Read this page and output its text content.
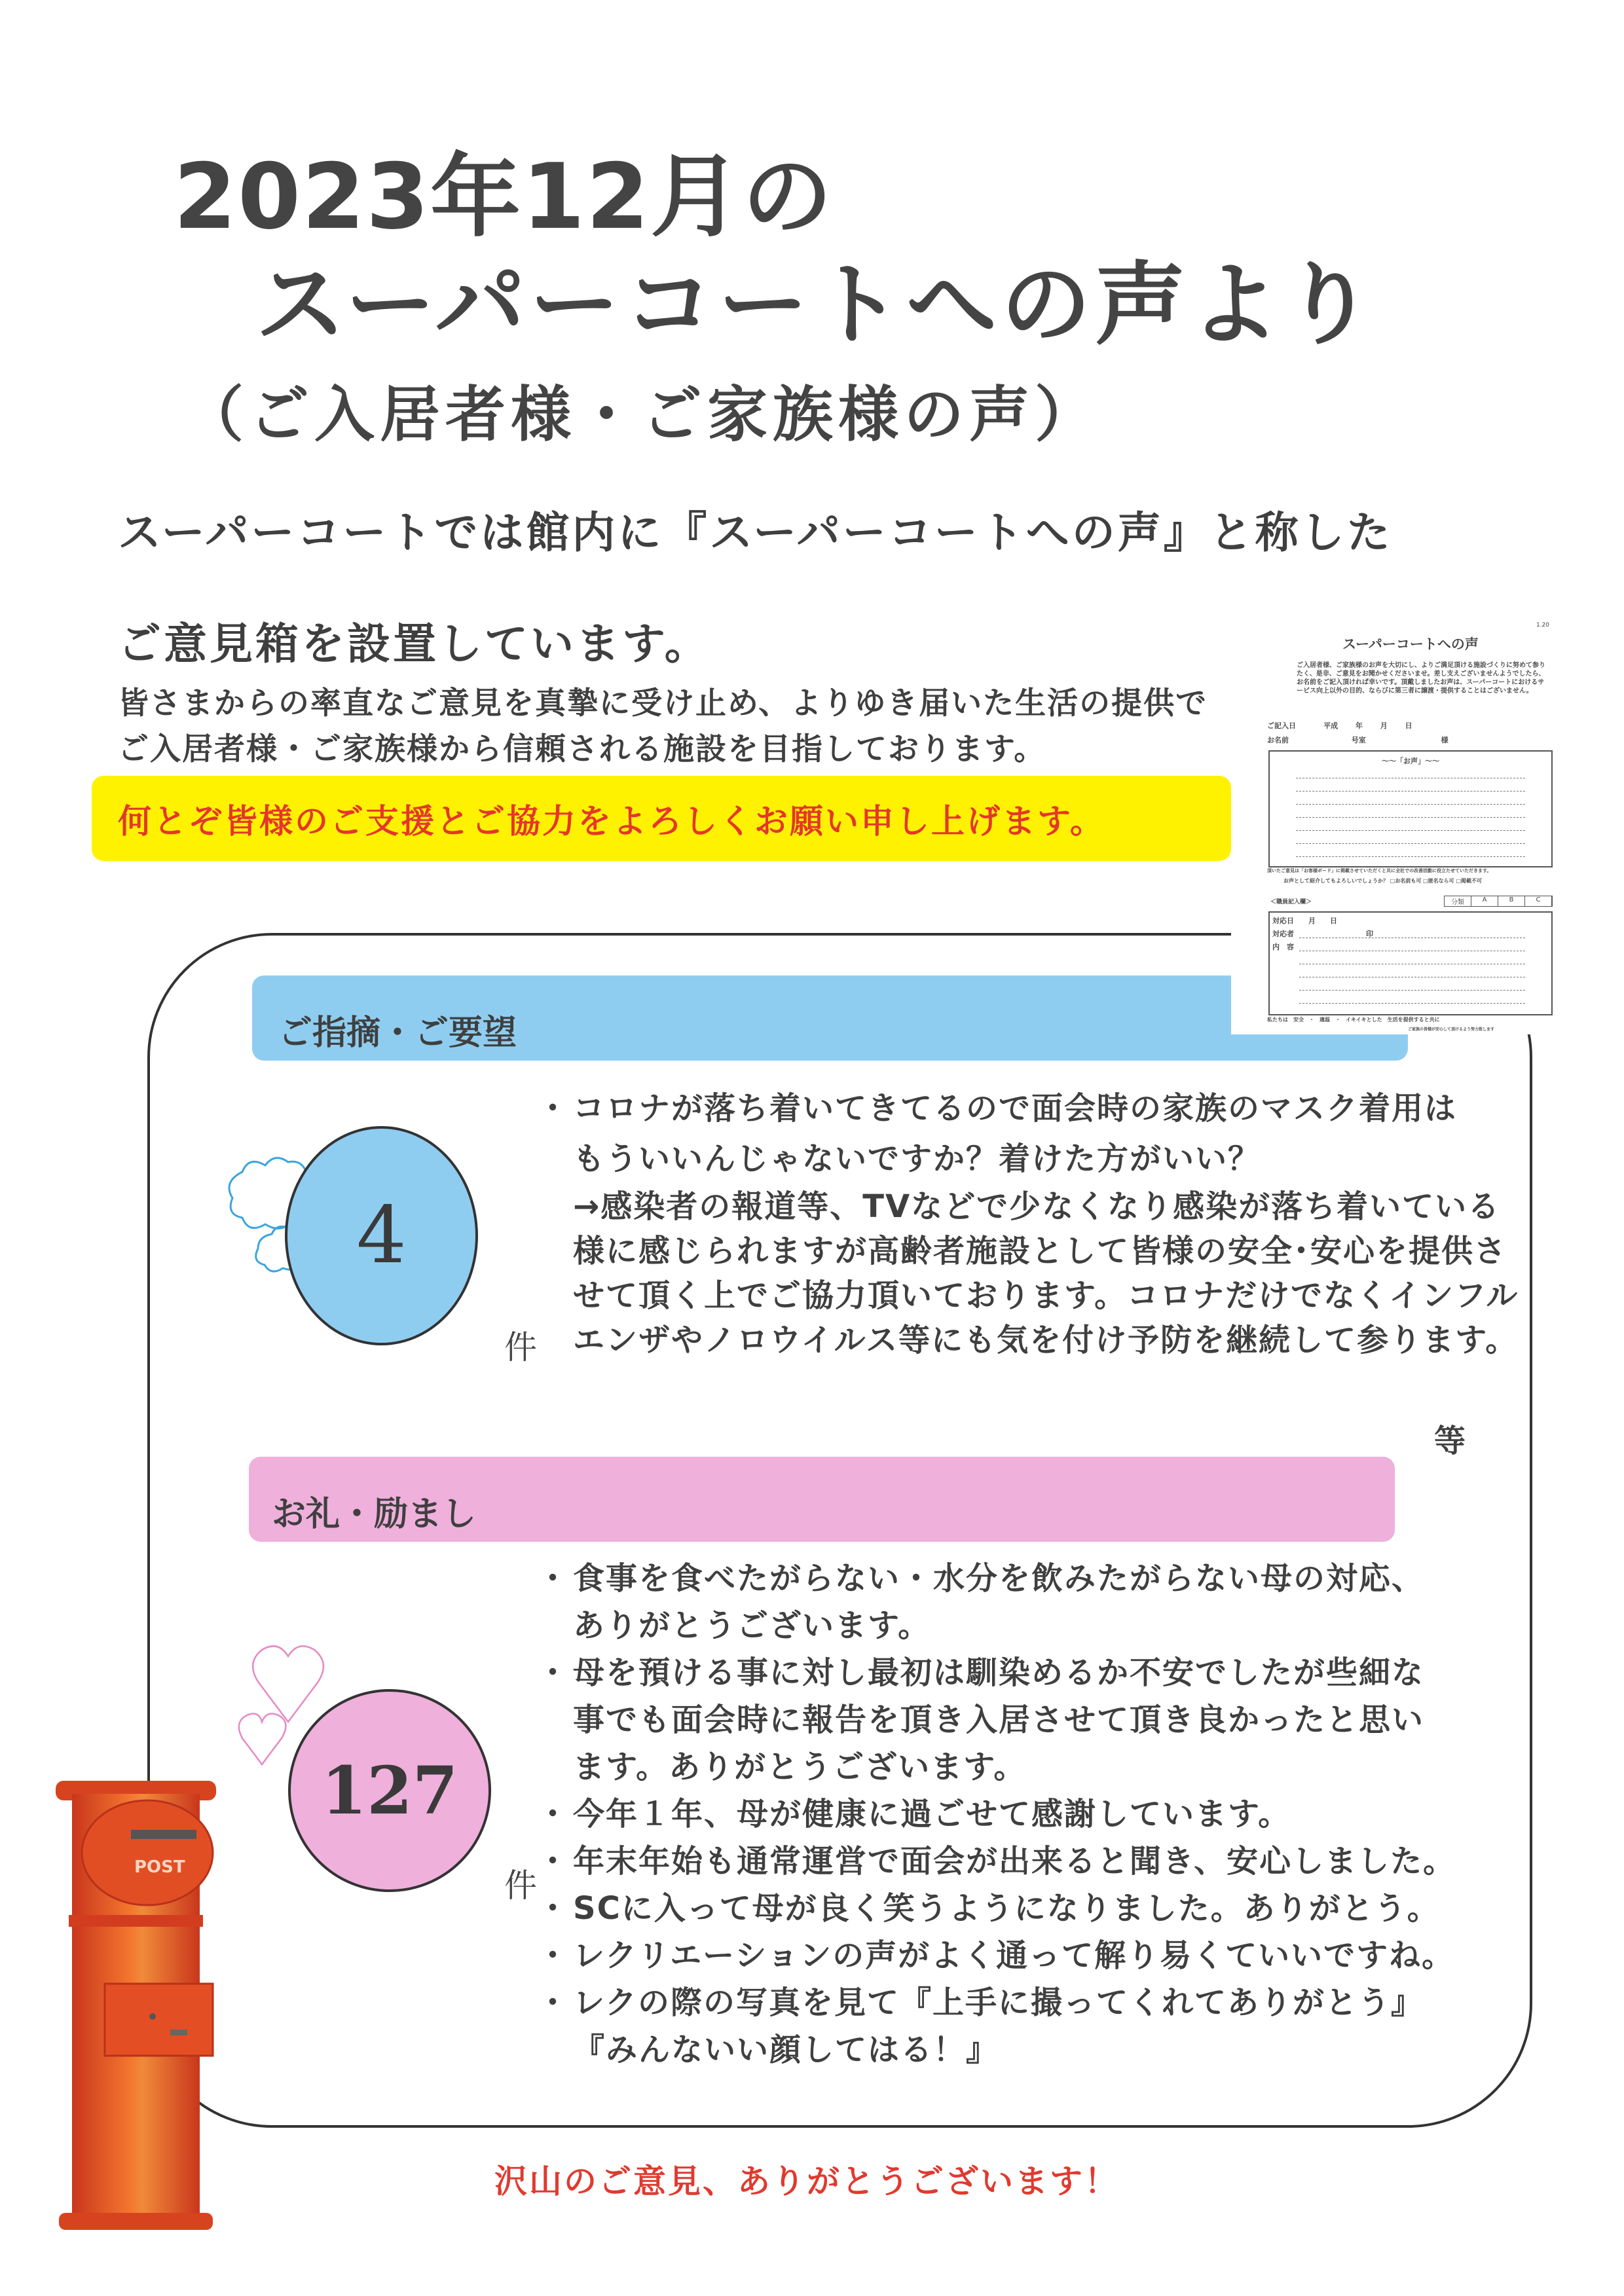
2023年12月の
スーパーコートへの声より
（ご入居者様・ご家族様の声）
スーパーコートでは館内に『スーパーコートへの声』と称した
ご意見箱を設置しています。
皆さまからの率直なご意見を真摯に受け止め、よりゆき届いた生活の提供で
ご入居者様・ご家族様から信頼される施設を目指しております。
何とぞ皆様のご支援とご協力をよろしくお願い申し上げます。
1.20
スーパーコートへの声
ご入居者様、ご家族様のお声を大切にし、よりご満足頂ける施設づくりに努めて参りたく、是非、ご意見をお聞かせくださいませ。差し支えございませんようでしたら、お名前をご記入頂ければ幸いです。頂戴しましたお声は、スーパーコートにおけるサービス向上以外の目的、ならびに第三者に譲渡・提供することはございません。
ご記入日	平成 年 月 日
お名前	号室	様
～～「お声」～～
頂いたご意見は「お客様ボード」に掲載させていただくと共に全社での改善活動に役立たせていただきます。
お声として紹介してもよろしいでしょうか？ □お名前も可 □匿名なら可 □掲載不可
＜職員記入欄＞	分類	A	B	C
対応日　　月　　日
対応者　　　　　　　　　　印
内　容
私たちは　安全　・　適温　・　イキイキとした　生活を提供すると共に
ご家族の皆様が安心して頂けるよう努力致します
ご指摘・ご要望
4
件
・ コロナが落ち着いてきてるので面会時の家族のマスク着用は
もういいんじゃないですか？着けた方がいい？
→感染者の報道等、TVなどで少なくなり感染が落ち着いている
様に感じられますが高齢者施設として皆様の安全･安心を提供さ
せて頂く上でご協力頂いております。コロナだけでなくインフル
エンザやノロウイルス等にも気を付け予防を継続して参ります。
等
お礼・励まし
127
件
・ 食事を食べたがらない・水分を飲みたがらない母の対応、
ありがとうございます。
・ 母を預ける事に対し最初は馴染めるか不安でしたが些細な
事でも面会時に報告を頂き入居させて頂き良かったと思い
ます。ありがとうございます。
・ 今年１年、母が健康に過ごせて感謝しています。
・ 年末年始も通常運営で面会が出来ると聞き、安心しました。
・ SCに入って母が良く笑うようになりました。ありがとう。
・ レクリエーションの声がよく通って解り易くていいですね。
・ レクの際の写真を見て『上手に撮ってくれてありがとう』
『みんないい顔してはる！』
POST
沢山のご意見、ありがとうございます！
